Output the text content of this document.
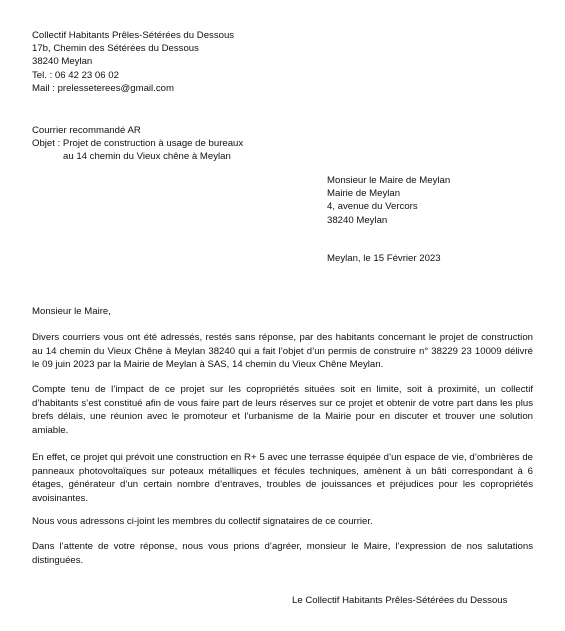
Collectif Habitants Prêles-Sétérées du Dessous
17b, Chemin des Sétérées du Dessous
38240 Meylan
Tel. : 06 42 23 06 02
Mail : prelesseterees@gmail.com
Courrier recommandé AR
Objet : Projet de construction à usage de bureaux
au 14 chemin du Vieux chêne à Meylan
Monsieur le Maire de Meylan
Mairie de Meylan
4, avenue du Vercors
38240 Meylan
Meylan, le 15 Février 2023
Monsieur le Maire,

Divers courriers vous ont été adressés, restés sans réponse, par des habitants concernant le projet de construction au 14 chemin du Vieux Chêne à Meylan 38240 qui a fait l’objet d’un permis de construire n° 38229 23 10009 délivré le 09 juin 2023 par la Mairie de Meylan à SAS, 14 chemin du Vieux Chêne Meylan.

Compte tenu de l’impact de ce projet sur les copropriétés situées soit en limite, soit à proximité, un collectif d’habitants s’est constitué afin de vous faire part de leurs réserves sur ce projet et obtenir de votre part dans les plus brefs délais, une réunion avec le promoteur et l’urbanisme de la Mairie pour en discuter et trouver une solution amiable.

En effet, ce projet qui prévoit une construction en R+ 5 avec une terrasse équipée d’un espace de vie, d’ombrières de panneaux photovoltaïques sur poteaux métalliques et fécules techniques, amènent à un bâti correspondant à 6 étages, générateur d’un certain nombre d’entraves, troubles de jouissances et préjudices pour les copropriétés avoisinantes.

Nous vous adressons ci-joint les membres du collectif signataires de ce courrier.

Dans l’attente de votre réponse, nous vous prions d’agréer, monsieur le Maire, l’expression de nos salutations distinguées.

Le Collectif Habitants Prêles-Sétérées du Dessous
